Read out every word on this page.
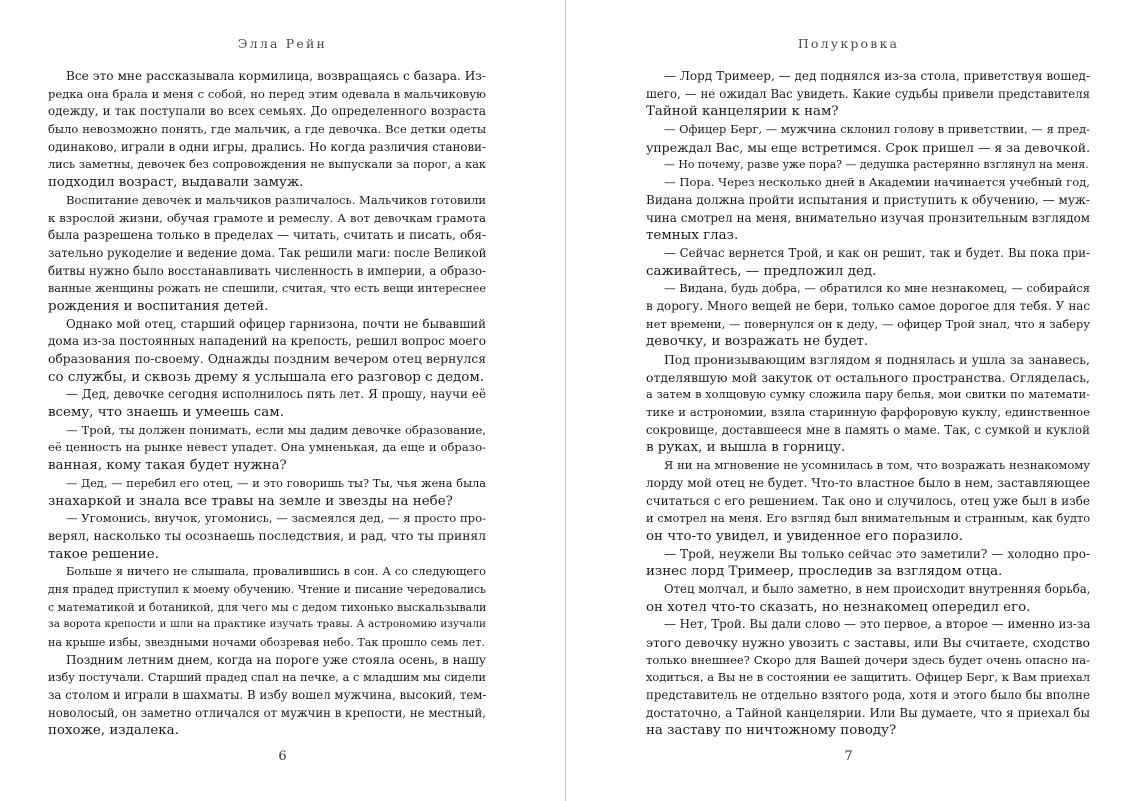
Элла Рейн
Все это мне рассказывала кормилица, возвращаясь с базара. Из-
редка она брала и меня с собой, но перед этим одевала в мальчиковую
одежду, и так поступали во всех семьях. До определенного возраста
было невозможно понять, где мальчик, а где девочка. Все детки одеты
одинаково, играли в одни игры, дрались. Но когда различия станови-
лись заметны, девочек без сопровождения не выпускали за порог, а как
подходил возраст, выдавали замуж.
Воспитание девочек и мальчиков различалось. Мальчиков готовили
к взрослой жизни, обучая грамоте и ремеслу. А вот девочкам грамота
была разрешена только в пределах — читать, считать и писать, обя-
зательно рукоделие и ведение дома. Так решили маги: после Великой
битвы нужно было восстанавливать численность в империи, а образо-
ванные женщины рожать не спешили, считая, что есть вещи интереснее
рождения и воспитания детей.
Однако мой отец, старший офицер гарнизона, почти не бывавший
дома из-за постоянных нападений на крепость, решил вопрос моего
образования по-своему. Однажды поздним вечером отец вернулся
со службы, и сквозь дрему я услышала его разговор с дедом.
— Дед, девочке сегодня исполнилось пять лет. Я прошу, научи её
всему, что знаешь и умеешь сам.
— Трой, ты должен понимать, если мы дадим девочке образование,
её ценность на рынке невест упадет. Она умненькая, да еще и образо-
ванная, кому такая будет нужна?
— Дед, — перебил его отец, — и это говоришь ты? Ты, чья жена была
знахаркой и знала все травы на земле и звезды на небе?
— Угомонись, внучок, угомонись, — засмеялся дед, — я просто про-
верял, насколько ты осознаешь последствия, и рад, что ты принял
такое решение.
Больше я ничего не слышала, провалившись в сон. А со следующего
дня прадед приступил к моему обучению. Чтение и писание чередовались
с математикой и ботаникой, для чего мы с дедом тихонько выскальзывали
за ворота крепости и шли на практике изучать травы. А астрономию изучали
на крыше избы, звездными ночами обозревая небо. Так прошло семь лет.
Поздним летним днем, когда на пороге уже стояла осень, в нашу
избу постучали. Старший прадед спал на печке, а с младшим мы сидели
за столом и играли в шахматы. В избу вошел мужчина, высокий, тем-
новолосый, он заметно отличался от мужчин в крепости, не местный,
похоже, издалека.
6
Полукровка
— Лорд Тримеер, — дед поднялся из-за стола, приветствуя вошед-
шего, — не ожидал Вас увидеть. Какие судьбы привели представителя
Тайной канцелярии к нам?
— Офицер Берг, — мужчина склонил голову в приветствии, — я пред-
упреждал Вас, мы еще встретимся. Срок пришел — я за девочкой.
— Но почему, разве уже пора? — дедушка растерянно взглянул на меня.
— Пора. Через несколько дней в Академии начинается учебный год,
Видана должна пройти испытания и приступить к обучению, — муж-
чина смотрел на меня, внимательно изучая пронзительным взглядом
темных глаз.
— Сейчас вернется Трой, и как он решит, так и будет. Вы пока при-
саживайтесь, — предложил дед.
— Видана, будь добра, — обратился ко мне незнакомец, — собирайся
в дорогу. Много вещей не бери, только самое дорогое для тебя. У нас
нет времени, — повернулся он к деду, — офицер Трой знал, что я заберу
девочку, и возражать не будет.
Под пронизывающим взглядом я поднялась и ушла за занавесь,
отделявшую мой закуток от остального пространства. Огляделась,
а затем в холщовую сумку сложила пару белья, мои свитки по математи-
тике и астрономии, взяла старинную фарфоровую куклу, единственное
сокровище, доставшееся мне в память о маме. Так, с сумкой и куклой
в руках, и вышла в горницу.
Я ни на мгновение не усомнилась в том, что возражать незнакомому
лорду мой отец не будет. Что-то властное было в нем, заставляющее
считаться с его решением. Так оно и случилось, отец уже был в избе
и смотрел на меня. Его взгляд был внимательным и странным, как будто
он что-то увидел, и увиденное его поразило.
— Трой, неужели Вы только сейчас это заметили? — холодно про-
изнес лорд Тримеер, проследив за взглядом отца.
Отец молчал, и было заметно, в нем происходит внутренняя борьба,
он хотел что-то сказать, но незнакомец опередил его.
— Нет, Трой. Вы дали слово — это первое, а второе — именно из-за
этого девочку нужно увозить с заставы, или Вы считаете, сходство
только внешнее? Скоро для Вашей дочери здесь будет очень опасно на-
ходиться, а Вы не в состоянии ее защитить. Офицер Берг, к Вам приехал
представитель не отдельно взятого рода, хотя и этого было бы вполне
достаточно, а Тайной канцелярии. Или Вы думаете, что я приехал бы
на заставу по ничтожному поводу?
7
